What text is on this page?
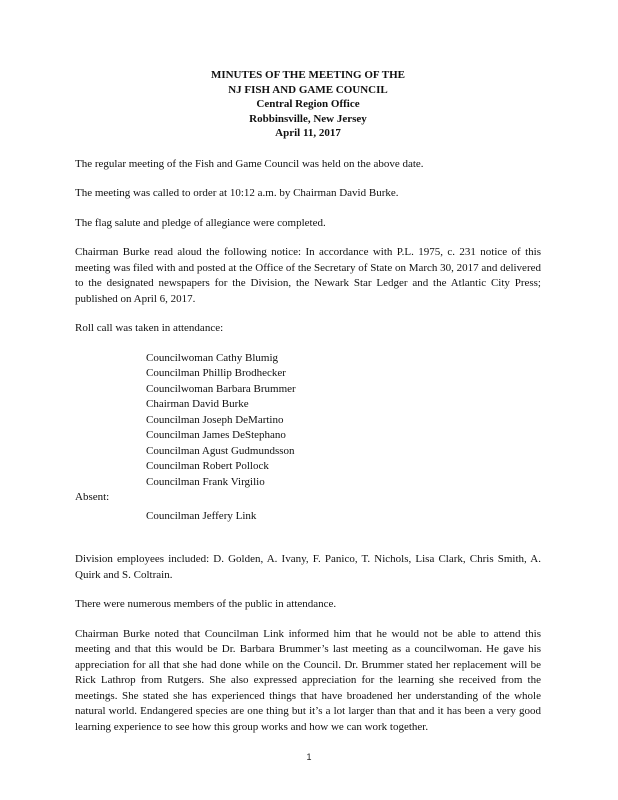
MINUTES OF THE MEETING OF THE
NJ FISH AND GAME COUNCIL
Central Region Office
Robbinsville, New Jersey
April 11, 2017

The regular meeting of the Fish and Game Council was held on the above date.

The meeting was called to order at 10:12 a.m. by Chairman David Burke.

The flag salute and pledge of allegiance were completed.

Chairman Burke read aloud the following notice: In accordance with P.L. 1975, c. 231 notice of this meeting was filed with and posted at the Office of the Secretary of State on March 30, 2017 and delivered to the designated newspapers for the Division, the Newark Star Ledger and the Atlantic City Press; published on April 6, 2017.

Roll call was taken in attendance:

Councilwoman Cathy Blumig
Councilman Phillip Brodhecker
Councilwoman Barbara Brummer
Chairman David Burke
Councilman Joseph DeMartino
Councilman James DeStephano
Councilman Agust Gudmundsson
Councilman Robert Pollock
Councilman Frank Virgilio
Absent:
Councilman Jeffery Link

Division employees included: D. Golden, A. Ivany, F. Panico, T. Nichols, Lisa Clark, Chris Smith, A. Quirk and S. Coltrain.

There were numerous members of the public in attendance.

Chairman Burke noted that Councilman Link informed him that he would not be able to attend this meeting and that this would be Dr. Barbara Brummer’s last meeting as a councilwoman. He gave his appreciation for all that she had done while on the Council. Dr. Brummer stated her replacement will be Rick Lathrop from Rutgers. She also expressed appreciation for the learning she received from the meetings. She stated she has experienced things that have broadened her understanding of the whole natural world. Endangered species are one thing but it’s a lot larger than that and it has been a very good learning experience to see how this group works and how we can work together.

1
